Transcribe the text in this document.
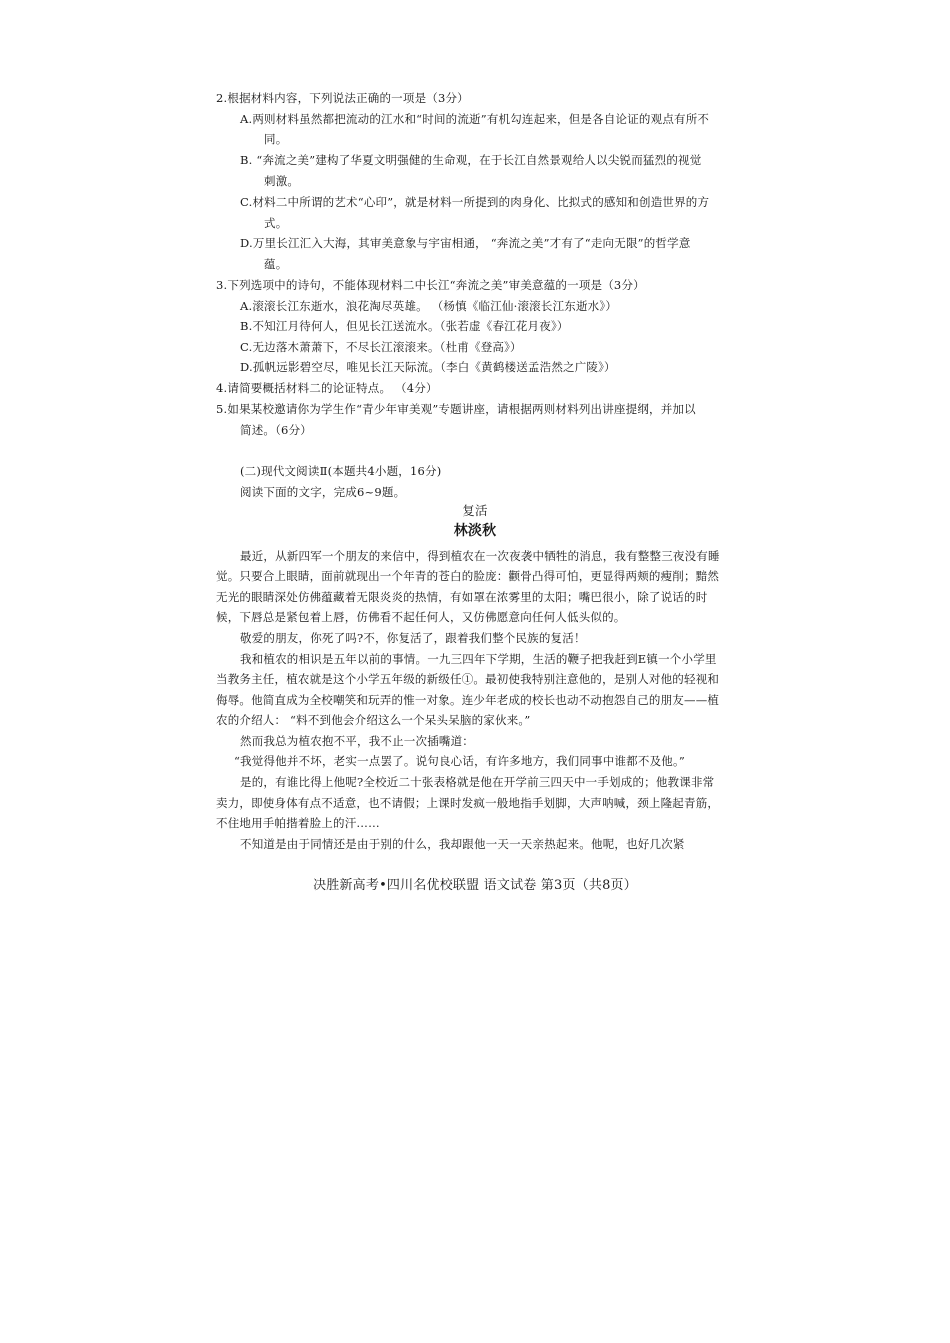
2.根据材料内容，下列说法正确的一项是（3分）
A.两则材料虽然都把流动的江水和“时间的流逝”有机勾连起来，但是各自论证的观点有所不
同。
B. “奔流之美”建构了华夏文明强健的生命观，在于长江自然景观给人以尖锐而猛烈的视觉
刺激。
C.材料二中所谓的艺术“心印”，就是材料一所提到的肉身化、比拟式的感知和创造世界的方
式。
D.万里长江汇入大海，其审美意象与宇宙相通， “奔流之美”才有了“走向无限”的哲学意
蕴。
3.下列选项中的诗句，不能体现材料二中长江“奔流之美”审美意蕴的一项是（3分）
A.滚滚长江东逝水，浪花淘尽英雄。 （杨慎《临江仙·滚滚长江东逝水》）
B.不知江月待何人，但见长江送流水。（张若虚《春江花月夜》）
C.无边落木萧萧下，不尽长江滚滚来。（杜甫《登高》）
D.孤帆远影碧空尽，唯见长江天际流。（李白《黄鹤楼送孟浩然之广陵》）
4.请简要概括材料二的论证特点。 （4分）
5.如果某校邀请你为学生作“青少年审美观”专题讲座，请根据两则材料列出讲座提纲，并加以
简述。（6分）
(二)现代文阅读Ⅱ(本题共4小题，16分)
阅读下面的文字，完成6~9题。
复活
林淡秋
最近，从新四军一个朋友的来信中，得到植农在一次夜袭中牺牲的消息，我有整整三夜没有睡
觉。只要合上眼睛，面前就现出一个年青的苍白的脸庞：颧骨凸得可怕，更显得两颊的瘦削；黯然
无光的眼睛深处仿佛蕴藏着无限炎炎的热情，有如罩在浓雾里的太阳；嘴巴很小，除了说话的时
候，下唇总是紧包着上唇，仿佛看不起任何人，又仿佛愿意向任何人低头似的。
敬爱的朋友，你死了吗?不，你复活了，跟着我们整个民族的复活！
我和植农的相识是五年以前的事情。一九三四年下学期，生活的鞭子把我赶到E镇一个小学里
当教务主任，植农就是这个小学五年级的新级任①。最初使我特别注意他的，是别人对他的轻视和
侮辱。他简直成为全校嘲笑和玩弄的惟一对象。连少年老成的校长也动不动抱怨自己的朋友——植
农的介绍人： “料不到他会介绍这么一个呆头呆脑的家伙来。”
然而我总为植农抱不平，我不止一次插嘴道：
“我觉得他并不坏，老实一点罢了。说句良心话，有许多地方，我们同事中谁都不及他。”
是的，有谁比得上他呢?全校近二十张表格就是他在开学前三四天中一手划成的；他教课非常
卖力，即使身体有点不适意，也不请假；上课时发疯一般地指手划脚，大声呐喊，颈上隆起青筋，
不住地用手帕揩着脸上的汗……
不知道是由于同情还是由于别的什么，我却跟他一天一天亲热起来。他呢，也好几次紧
决胜新高考•四川名优校联盟 语文试卷 第3页（共8页）
